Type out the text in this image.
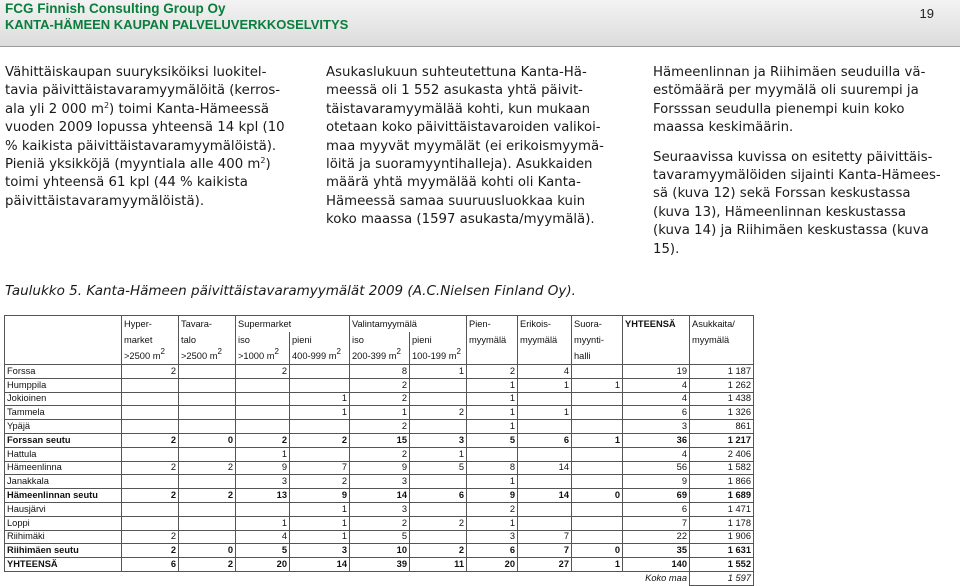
FCG Finnish Consulting Group Oy
KANTA-HÄMEEN KAUPAN PALVELUVERKKOSELVITYS
19

Vähittäiskaupan suuryksiköiksi luokitel-

tavia päivittäistavaramyymälöitä (kerros-

ala yli 2 000 $m^2$) toimi Kanta-Hämeessä

vuoden 2009 lopussa yhteensä 14 kpl (10

% kaikista päivittäistavaramyymälöistä).

Pieniä yksikköjä (myyntiala alle 400 $m^2$)

toimi yhteensä 61 kpl (44 % kaikista

päivittäistavaramyymälöistä).

Asukaslukuun suhteutettuna Kanta-Hä-

meessä oli 1 552 asukasta yhtä päivit-

täistavaramyymälää kohti, kun mukaan

otetaan koko päivittäistavaroiden valikoi-

maa myyvät myymälät (ei erikoismyymä-

löitä ja suoramyyntihalleja). Asukkaiden

määrä yhtä myymälää kohti oli Kanta-

Hämeessä samaa suuruusluokkaa kuin

koko maassa (1597 asukasta/myymälä).

Hämeenlinnan ja Riihimäen seuduilla vä-

estömäärä per myymälä oli suurempi ja

Forsssan seudulla pienempi kuin koko

maassa keskimäärin.

Seuraavissa kuvissa on esitetty päivittäis-

tavaramyymälöiden sijainti Kanta-Hämees-

sä (kuva 12) sekä Forssan keskustassa

(kuva 13), Hämeenlinnan keskustassa

(kuva 14) ja Riihimäen keskustassa (kuva

15).

Taulukko 5. Kanta-Hämeen päivittäistavaramyymälät 2009 (A.C.Nielsen Finland Oy).
	Hyper-	Tavara-	Supermarket		Valintamyymälä		Pien-	Erikois-	Suora-	YHTEENSÄ	Asukkaita/
	market	talo	iso	pieni	iso	pieni	myymälä	myymälä	myynti-		myymälä
	>2500 $m^2$	>2500 $m^2$	>1000 $m^2$	400-999 $m^2$	200-399 $m^2$	100-199 $m^2$			halli		
Forssa	2		2		8	1	2	4		19	1 187
Humppila					2		1	1	1	4	1 262
Jokioinen				1	2		1			4	1 438
Tammela				1	1	2	1	1		6	1 326
Ypäjä					2		1			3	861
Forssan seutu	2	0	2	2	15	3	5	6	1	36	1 217
Hattula			1		2	1				4	2 406
Hämeenlinna	2	2	9	7	9	5	8	14		56	1 582
Janakkala			3	2	3		1			9	1 866
Hämeenlinnan seutu	2	2	13	9	14	6	9	14	0	69	1 689
Hausjärvi				1	3		2			6	1 471
Loppi			1	1	2	2	1			7	1 178
Riihimäki	2		4	1	5		3	7		22	1 906
Riihimäen seutu	2	0	5	3	10	2	6	7	0	35	1 631
YHTEENSÄ	6	2	20	14	39	11	20	27	1	140	1 552
										Koko maa	1 597
